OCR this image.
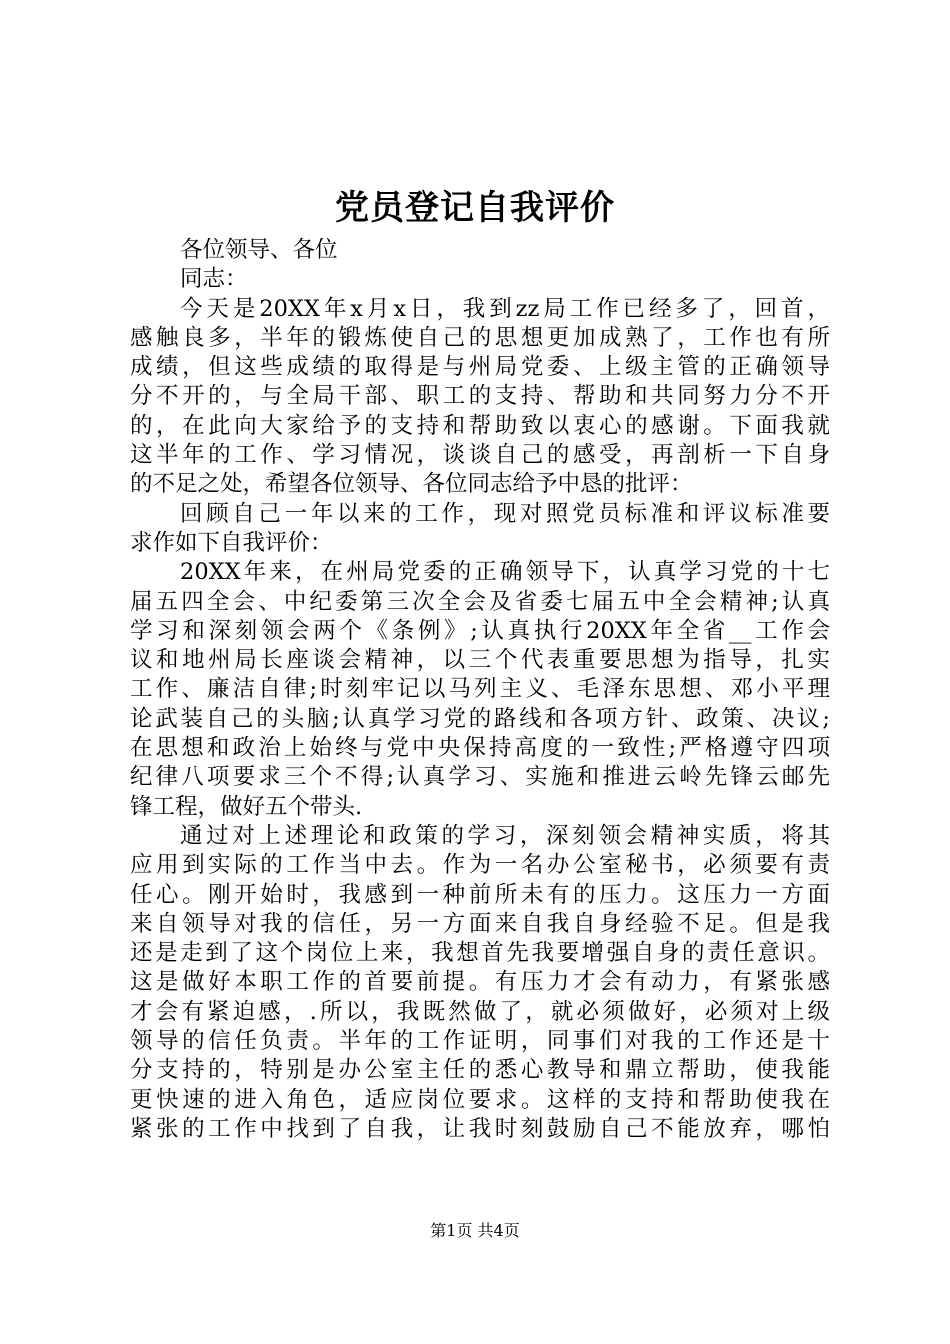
党员登记自我评价
各位领导、各位
同志：
今天是20XX年x月x日，我到zz局工作已经多了，回首，
感触良多，半年的锻炼使自己的思想更加成熟了，工作也有所
成绩，但这些成绩的取得是与州局党委、上级主管的正确领导
分不开的，与全局干部、职工的支持、帮助和共同努力分不开
的，在此向大家给予的支持和帮助致以衷心的感谢。下面我就
这半年的工作、学习情况，谈谈自己的感受，再剖析一下自身
的不足之处，希望各位领导、各位同志给予中恳的批评：
回顾自己一年以来的工作，现对照党员标准和评议标准要
求作如下自我评价：
20XX年来，在州局党委的正确领导下，认真学习党的十七
届五四全会、中纪委第三次全会及省委七届五中全会精神;认真
学习和深刻领会两个《条例》;认真执行20XX年全省__工作会
议和地州局长座谈会精神，以三个代表重要思想为指导，扎实
工作、廉洁自律;时刻牢记以马列主义、毛泽东思想、邓小平理
论武装自己的头脑;认真学习党的路线和各项方针、政策、决议;
在思想和政治上始终与党中央保持高度的一致性;严格遵守四项
纪律八项要求三个不得;认真学习、实施和推进云岭先锋云邮先
锋工程，做好五个带头.
通过对上述理论和政策的学习，深刻领会精神实质，将其
应用到实际的工作当中去。作为一名办公室秘书，必须要有责
任心。刚开始时，我感到一种前所未有的压力。这压力一方面
来自领导对我的信任，另一方面来自我自身经验不足。但是我
还是走到了这个岗位上来，我想首先我要增强自身的责任意识。
这是做好本职工作的首要前提。有压力才会有动力，有紧张感
才会有紧迫感，.所以，我既然做了，就必须做好，必须对上级
领导的信任负责。半年的工作证明，同事们对我的工作还是十
分支持的，特别是办公室主任的悉心教导和鼎立帮助，使我能
更快速的进入角色，适应岗位要求。这样的支持和帮助使我在
紧张的工作中找到了自我，让我时刻鼓励自己不能放弃，哪怕
第1页 共4页
